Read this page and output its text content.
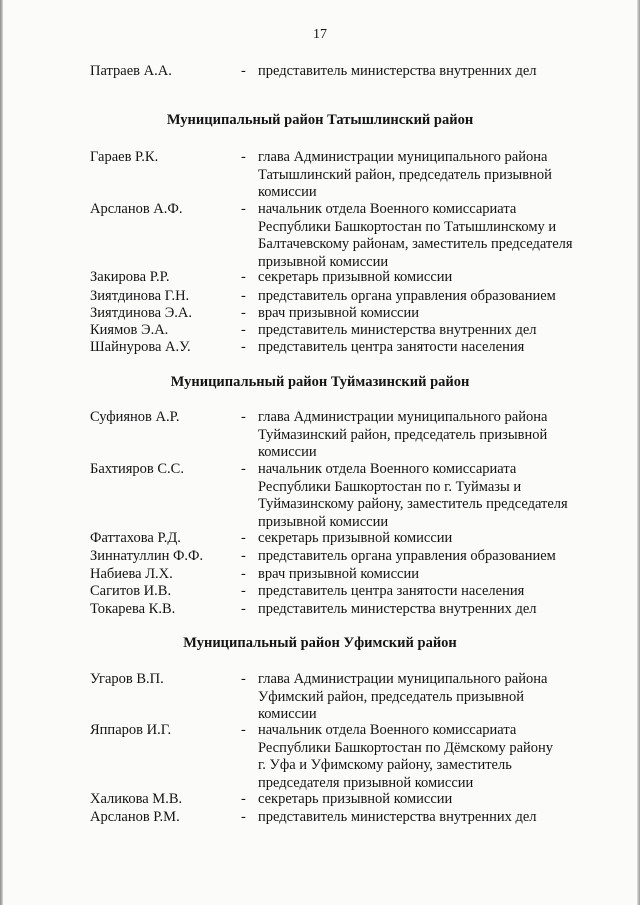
17
Патраев А.А.	- представитель министерства внутренних дел
Муниципальный район Татышлинский район
Гараев Р.К.	- глава Администрации муниципального района
Татышлинский район, председатель призывной
комиссии
Арсланов А.Ф.	- начальник отдела Военного комиссариата
Республики Башкортостан по Татышлинскому и
Балтачевскому районам, заместитель председателя
призывной комиссии
Закирова Р.Р.	- секретарь призывной комиссии
Зиятдинова Г.Н.	- представитель органа управления образованием
Зиятдинова Э.А.	- врач призывной комиссии
Киямов Э.А.	- представитель министерства внутренних дел
Шайнурова А.У.	- представитель центра занятости населения
Муниципальный район Туймазинский район
Суфиянов А.Р.	- глава Администрации муниципального района
Туймазинский район, председатель призывной
комиссии
Бахтияров С.С.	- начальник отдела Военного комиссариата
Республики Башкортостан по г. Туймазы и
Туймазинскому району, заместитель председателя
призывной комиссии
Фаттахова Р.Д.	- секретарь призывной комиссии
Зиннатуллин Ф.Ф.	- представитель органа управления образованием
Набиева Л.Х.	- врач призывной комиссии
Сагитов И.В.	- представитель центра занятости населения
Токарева К.В.	- представитель министерства внутренних дел
Муниципальный район Уфимский район
Угаров В.П.	- глава Администрации муниципального района
Уфимский район, председатель призывной
комиссии
Яппаров И.Г.	- начальник отдела Военного комиссариата
Республики Башкортостан по Дёмскому району
г. Уфа и Уфимскому району, заместитель
председателя призывной комиссии
Халикова М.В.	- секретарь призывной комиссии
Арсланов Р.М.	- представитель министерства внутренних дел
